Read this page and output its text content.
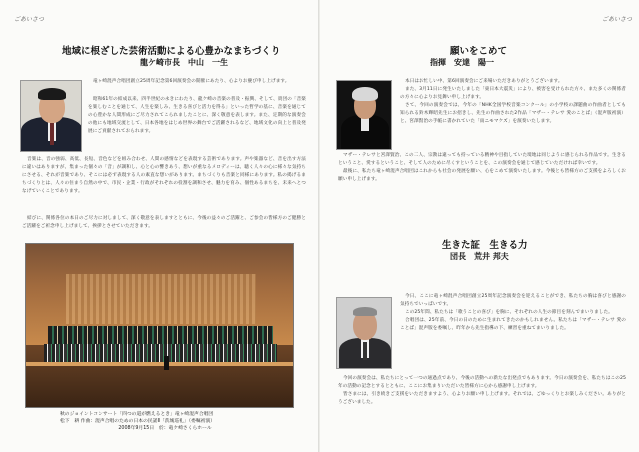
ごあいさつ
地域に根ざした芸術活動による心豊かなまちづくり
龍ケ崎市長　中山　一生

竜ヶ崎混声合唱団創立25周年記念第6回演奏会の開催にあたり、心よりお慶び申し上げます。

昭和61年の結成以来、四半世紀の永きにわたり、龍ケ崎の音楽の普及・振興、そして、貴団の「音楽を楽しむことを通じて、人生を楽しみ、生きる喜びと活力を得る」といった哲学の基に、音楽を通じての心豊かな人間形成にご尽力されてこられましたことに、深く敬意を表します。また、定期的な演奏会の他にも地域交流として、日本各地をはじめ世界の舞台でご活躍されるなど、地域文化の向上と普及発展にご貢献されておられます。

音楽は、音の強弱、高低、長短、音色などを組み合わせ、人間の感情などを表現する芸術であります。声や楽器など、音を出す方法に違いはありますが、集まった個々の「音」が調和し、心と心の響きあう、想いが重なるメロディーは、聴く人々の心に様々な気持ちにさせる、それが音楽であり、そこには必ず表現する人の素直な想いがあります。まちづくりも音楽と同様にあります。私の掲げるまちづくりとは、人々の住まう自然の中で、市民・企業・行政がそれぞれの役割を調和させ、魅力を育み、個性あるまちを、未来へとつなげていくことであります。

結びに、関係各位の本日のご尽力に対しまして、深く敬意を表しますとともに、今後の益々のご活躍と、ご参会の皆様方のご健勝とご活躍をご祈念申し上げまして、挨拶とさせていただきます。

秋のジョイントコンサート「四つの道が燃えるとき」竜ヶ崎混声合唱団
松下　耕 作曲：混声合唱のための日本の民謡Ⅱ「茨城巡礼」（委嘱初演）
2008年9月15日　於：竜ケ崎さくらホール
ごあいさつ
願いをこめて
指揮　安達　陽一

本日はお忙しい中、第6回演奏会にご来場いただきありがとうございます。

また、3月11日に発生いたしました「東日本大震災」により、被害を受けられた方々、また多くの関係者の方々に心よりお見舞い申し上げます。

さて、今回の演奏会では、今年の「NHK全国学校音楽コンクール」の小学校の課題曲の作曲者としても知られる鈴木輝昭先生にお招きし、先生の作曲された2作品「マザー・テレサ 愛のことば」（混声版初演）と、宮澤賢治の手帳に書かれていた「雨ニモマケズ」を演奏いたします。

マザー・テレサと宮澤賢治、この二人、宗教は違っても持っている精神や目指していた境地は同じように感じられる作品です。生きるということ、愛するということ、そして人のために尽くすということを、この演奏会を通じて感じていただければ幸いです。

最後に、私たち竜ヶ崎混声合唱団はこれからも社会の発展を願い、心をこめて演奏いたします。今後とも皆様方のご支援をよろしくお願い申し上げます。

生きた証　生きる力
団長　荒井 邦夫

今日、ここに竜ヶ崎混声合唱団創立25周年記念演奏会を迎えることができ、私たちの胸は喜びと感謝の気持ちでいっぱいです。

この25年間、私たちは「歌うことの喜び」を胸に、それぞれの人生の節目を刻んでまいりました。

合唱団は、25年前、今日の日のために生まれてきたのかもしれません。私たちは「マザー・テレサ 愛のことば」混声版を委嘱し、昨年から先生指導の下、練習を重ねてまいりました。

今回の演奏会は、私たちにとって一つの通過点であり、今後の活動への新たな出発点でもあります。今日の演奏会を、私たちはこの25年の活動の記念とするとともに、ここにお集まりいただいた皆様方に心から感謝申し上げます。

皆さまには、引き続きご支援をいただきますよう、心よりお願い申し上げます。それでは、ごゆっくりとお楽しみください。ありがとうございました。
